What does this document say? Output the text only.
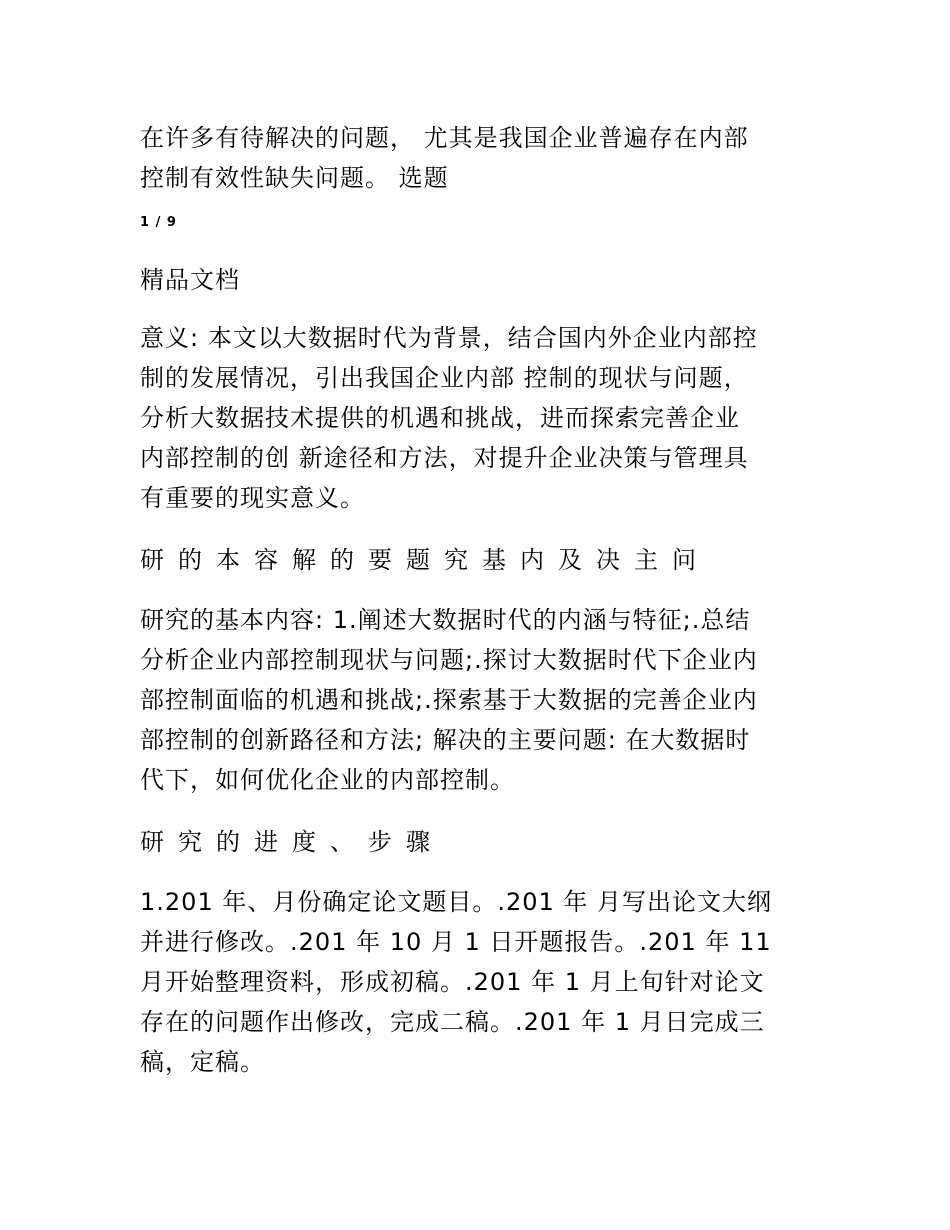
在许多有待解决的问题， 尤其是我国企业普遍存在内部
控制有效性缺失问题。 选题
1 / 9
精品文档
意义: 本文以大数据时代为背景，结合国内外企业内部控
制的发展情况，引出我国企业内部 控制的现状与问题，
分析大数据技术提供的机遇和挑战，进而探索完善企业
内部控制的创 新途径和方法，对提升企业决策与管理具
有重要的现实意义。
研的本容解的要题究基内及决主问
研究的基本内容: 1.阐述大数据时代的内涵与特征;.总结
分析企业内部控制现状与问题;.探讨大数据时代下企业内
部控制面临的机遇和挑战;.探索基于大数据的完善企业内
部控制的创新路径和方法; 解决的主要问题: 在大数据时
代下，如何优化企业的内部控制。
研究的进度、步骤
1.201 年、月份确定论文题目。.201 年 月写出论文大纲
并进行修改。.201 年 10 月 1 日开题报告。.201 年 11
月开始整理资料，形成初稿。.201 年 1 月上旬针对论文
存在的问题作出修改，完成二稿。.201 年 1 月日完成三
稿，定稿。
